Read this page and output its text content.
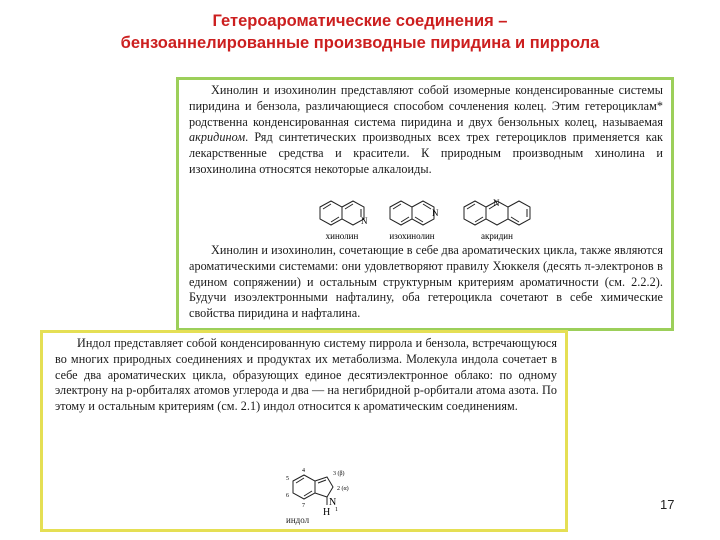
Гетероароматические соединения –
бензоаннелированные производные пиридина и пиррола

Хинолин и изохинолин представляют собой изомерные конденсированные системы пиридина и бензола, различающиеся способом сочленения колец. Этим гетероциклам* родственна конденсированная система пиридина и двух бензольных колец, называемая акридином. Ряд синтетических производных всех трех гетероциклов применяется как лекарственные средства и красители. К природным производным хинолина и изохинолина относятся некоторые алкалоиды.

N
N
N
хинолин	изохинолин	акридин

Хинолин и изохинолин, сочетающие в себе два ароматических цикла, также являются ароматическими системами: они удовлетворяют правилу Хюккеля (десять π-электронов в едином сопряжении) и остальным структурным критериям ароматичности (см. 2.2.2). Будучи изоэлектронными нафталину, оба гетероцикла сочетают в себе химические свойства пиридина и нафталина.

Индол представляет собой конденсированную систему пиррола и бензола, встречающуюся во многих природных соединениях и продуктах их метаболизма. Молекула индола сочетает в себе два ароматических цикла, образующих единое десятиэлектронное облако: по одному электрону на p-орбиталях атомов углерода и два — на негибридной p-орбитали атома азота. По этому и остальным критериям (см. 2.1) индол относится к ароматическим соединениям.

N
H
3 (β)
2 (α)
4
5
6
7
1
индол
17
